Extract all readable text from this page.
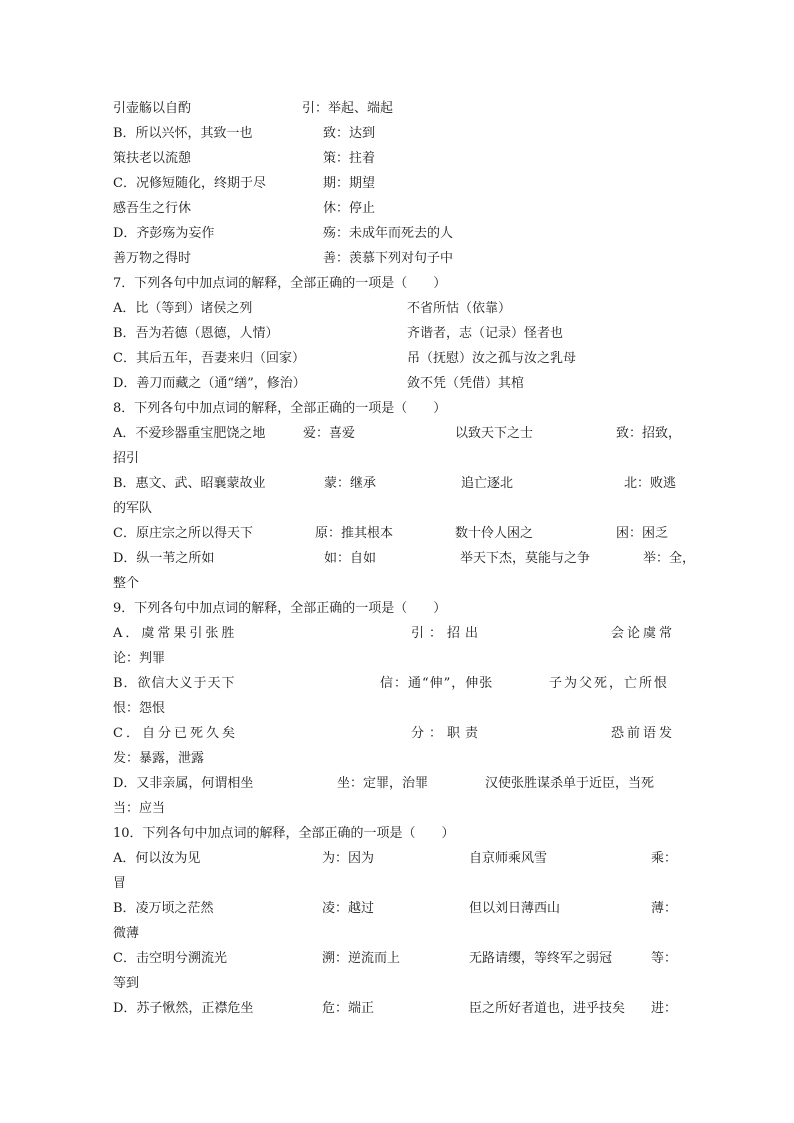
引壶觞以自酌	引：举起、端起
B．所以兴怀，其致一也	致：达到
策扶老以流憩	策：拄着
C．况修短随化，终期于尽	期：期望
感吾生之行休	休：停止
D．齐彭殇为妄作	殇：未成年而死去的人
善万物之得时	善：羡慕下列对句子中
7．下列各句中加点词的解释，全部正确的一项是（　　）
A．比（等到）诸侯之列	不省所怙（依靠）
B．吾为若德（恩德，人情）	齐谐者，志（记录）怪者也
C．其后五年，吾妻来归（回家）	吊（抚慰）汝之孤与汝之乳母
D．善刀而藏之（通“缮”，修治）	敛不凭（凭借）其棺
8．下列各句中加点词的解释，全部正确的一项是（　　）
A．不爱珍器重宝肥饶之地	爱：喜爱	以致天下之士	致：招致，
招引
B．惠文、武、昭襄蒙故业	蒙：继承	追亡逐北	北：败逃
的军队
C．原庄宗之所以得天下	原：推其根本	数十伶人困之	困：困乏
D．纵一苇之所如	如：自如	举天下杰，莫能与之争	举：全，
整个
9．下列各句中加点词的解释，全部正确的一项是（　　）
A．虞常果引张胜	引：招出	会论虞常
论：判罪
B．欲信大义于天下	信：通“伸”，伸张	子为父死，亡所恨
恨：怨恨
C．自分已死久矣	分：职责	恐前语发
发：暴露，泄露
D．又非亲属，何谓相坐	坐：定罪，治罪	汉使张胜谋杀单于近臣，当死
当：应当
10．下列各句中加点词的解释，全部正确的一项是（　　）
A．何以汝为见	为：因为	自京师乘风雪	乘：
冒
B．凌万顷之茫然	凌：越过	但以刘日薄西山	薄：
微薄
C．击空明兮溯流光	溯：逆流而上	无路请缨，等终军之弱冠	等：
等到
D．苏子愀然，正襟危坐	危：端正	臣之所好者道也，进乎技矣 进：
